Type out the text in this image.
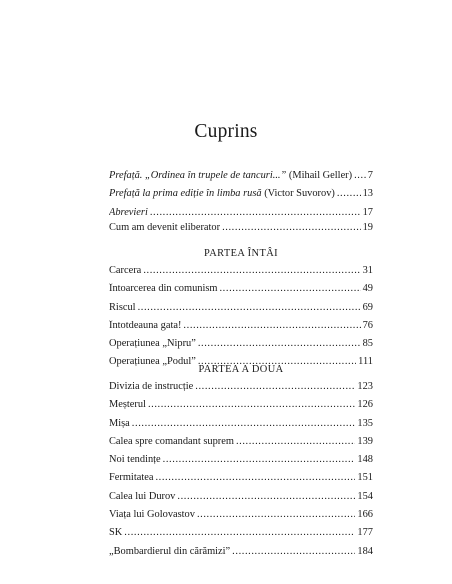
Cuprins
Prefață. „Ordinea în trupele de tancuri...” (Mihail Geller) . . . 7
Prefață la prima ediție în limba rusă (Victor Suvorov) . . .	13
Abrevieri . . .	17
Cum am devenit eliberator . . .	19
PARTEA ÎNTÂI
Carcera . . .	31
Întoarcerea din comunism . . .	49
Riscul . . .	69
Întotdeauna gata! . . .	76
Operațiunea „Nipru” . . .	85
Operațiunea „Podul” . . .	111
PARTEA A DOUA
Divizia de instrucție . . .	123
Meșterul . . .	126
Mișa . . .	135
Calea spre comandant suprem . . .	139
Noi tendințe . . .	148
Fermitatea . . .	151
Calea lui Durov . . .	154
Viața lui Golovastov . . .	166
SK . . .	177
„Bombardierul din cărămizi” . . .	184
